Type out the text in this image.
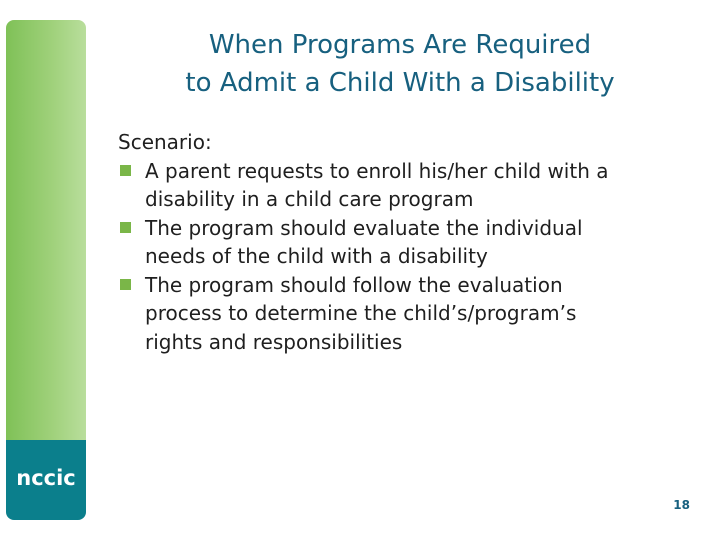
nccic
When Programs Are Required
to Admit a Child With a Disability
Scenario:
A parent requests to enroll his/her child with a
disability in a child care program
The program should evaluate the individual
needs of the child with a disability
The program should follow the evaluation
process to determine the child’s/program’s
rights and responsibilities
18
